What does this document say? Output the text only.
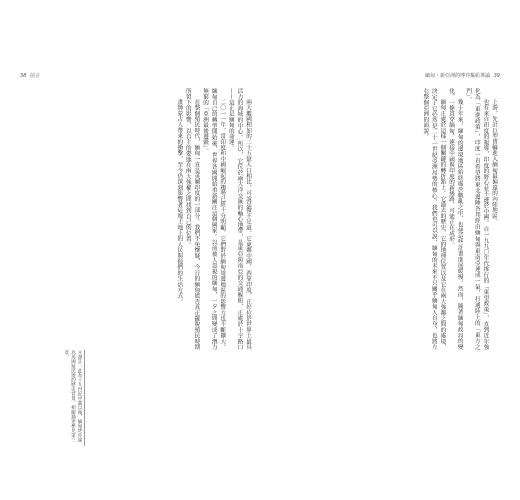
38 前言

兩大艦國相加的二十五億人口相比，可說是微不足道。它東鄰中國，西靠印度，正好位於世界上最具活力的海域的中心。所以，它位於兩大洋交匯的軸心地帶，是東亞與南亞的交通樞紐，正處於十字路口——這正是緬甸的命運。

二〇一一年，當印度和中國崛起的趨勢已經十分明顯，它們對於緬甸周邊地區的影響力也不斷擴大。緬甸自己的轉型開始後，世界各國開始重新關注這個國家。以前被人忽視的緬甸，一夕之間變成了潛力無窮的「亞洲最後邊疆」。

在整個殖民時代，緬甸一直是英屬印度的一部分。我們不免懷疑，今日的緬甸能否真正擺脫殖民時期所留下的影響，以自主的姿態在兩大強權之間找到自己的位置。

畫師蒙古人帶來的衝擊，至今仍深刻影響著這塊土地上的人民與他們的生活方式。

＊譯註：此為十九世紀中葉以後，緬甸逐步淪為英國殖民地的歷史背景，相關描述參見第三章。
緬甸・新亞洲的博弈樞紐導論 39

上游，先計巨型貨輪進入緬甸最偏遠的內陸地區。

也有來自印度的報導，印度的野心並不遜於中國。自一九九〇年代推行的「東望政策」，直到近年強化為「東進政策」，印度一直希望將東北邊陲各邦經由緬甸與東南亞連成一氣，打通陸上的「東方之門」。

幾十年來，緬甸的邊境地區始終處於戰亂之中，也使這些計畫進展緩慢。然而，隨著緬甸政局的變化，一條貫穿緬甸、連接中國與印度的新絲路，可能正在成形。

緬甸正處於這樣一個關鍵的轉折點上。它過去的歷史、它的地理位置以及它在兩大強鄰之間的處境，決定了它必然是二十一世紀亞洲局勢的核心。我們也可以說，緬甸的未來不只關乎緬甸人自身，也將左右整個亞洲的面貌。
